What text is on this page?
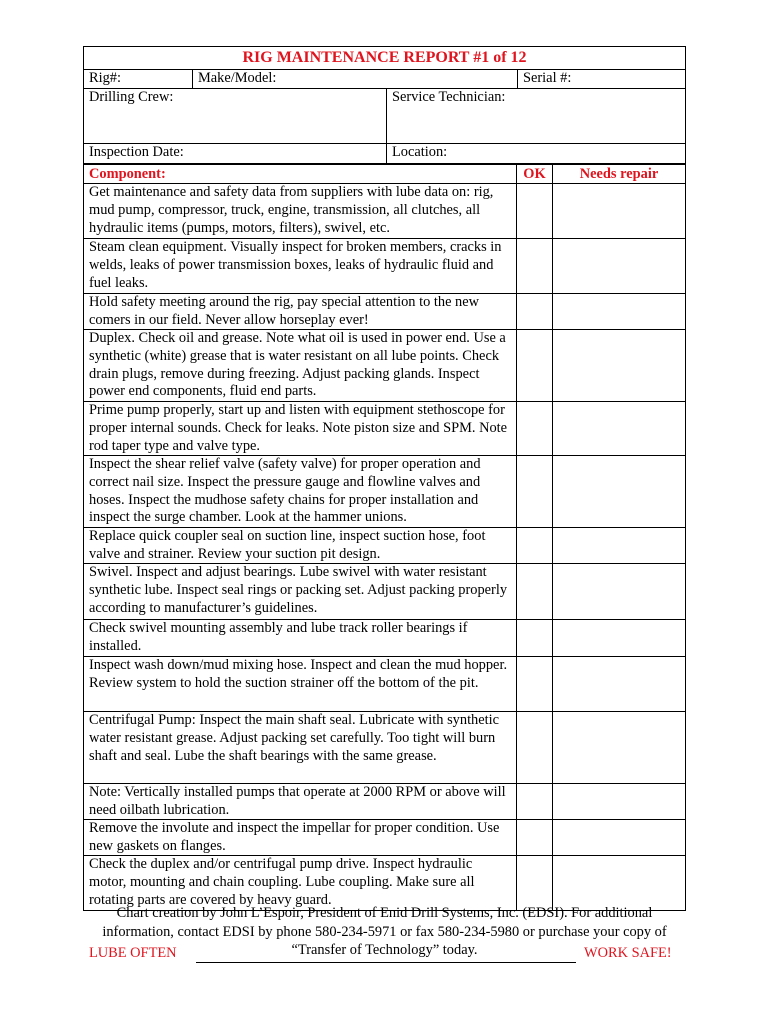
RIG MAINTENANCE REPORT #1 of 12
Rig#:	Make/Model:	Serial #:
Drilling Crew:	Service Technician:
Inspection Date:	Location:
Component:	OK	Needs repair
Get maintenance and safety data from suppliers with lube data on: rig, mud pump, compressor, truck, engine, transmission, all clutches, all hydraulic items (pumps, motors, filters), swivel, etc.
Steam clean equipment. Visually inspect for broken members, cracks in welds, leaks of power transmission boxes, leaks of hydraulic fluid and fuel leaks.
Hold safety meeting around the rig, pay special attention to the new comers in our field. Never allow horseplay ever!
Duplex. Check oil and grease. Note what oil is used in power end. Use a synthetic (white) grease that is water resistant on all lube points. Check drain plugs, remove during freezing. Adjust packing glands. Inspect power end components, fluid end parts.
Prime pump properly, start up and listen with equipment stethoscope for proper internal sounds. Check for leaks. Note piston size and SPM. Note rod taper type and valve type.
Inspect the shear relief valve (safety valve) for proper operation and correct nail size. Inspect the pressure gauge and flowline valves and hoses. Inspect the mudhose safety chains for proper installation and inspect the surge chamber. Look at the hammer unions.
Replace quick coupler seal on suction line, inspect suction hose, foot valve and strainer. Review your suction pit design.
Swivel. Inspect and adjust bearings. Lube swivel with water resistant synthetic lube. Inspect seal rings or packing set. Adjust packing properly according to manufacturer’s guidelines.
Check swivel mounting assembly and lube track roller bearings if installed.
Inspect wash down/mud mixing hose. Inspect and clean the mud hopper. Review system to hold the suction strainer off the bottom of the pit.
Centrifugal Pump: Inspect the main shaft seal. Lubricate with synthetic water resistant grease. Adjust packing set carefully. Too tight will burn shaft and seal. Lube the shaft bearings with the same grease.
Note: Vertically installed pumps that operate at 2000 RPM or above will need oilbath lubrication.
Remove the involute and inspect the impellar for proper condition. Use new gaskets on flanges.
Check the duplex and/or centrifugal pump drive. Inspect hydraulic motor, mounting and chain coupling. Lube coupling. Make sure all rotating parts are covered by heavy guard.
Chart creation by John L’Espoir, President of Enid Drill Systems, Inc. (EDSI). For additional information, contact EDSI by phone 580-234-5971 or fax 580-234-5980 or purchase your copy of “Transfer of Technology” today.
LUBE OFTEN	WORK SAFE!
